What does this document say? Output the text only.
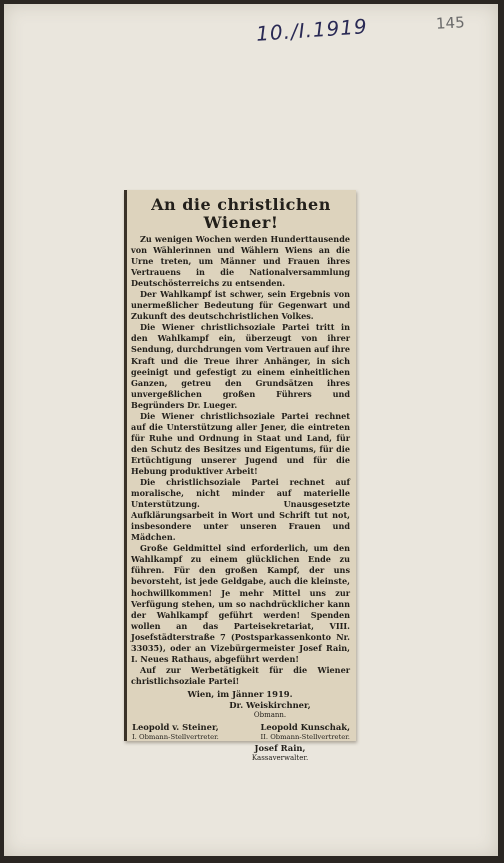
10./I.1919	145
An die christlichen Wiener!

Zu wenigen Wochen werden Hunderttausende von Wählerinnen und Wählern Wiens an die Urne treten, um Männer und Frauen ihres Vertrauens in die Nationalversammlung Deutschösterreichs zu entsenden.

Der Wahlkampf ist schwer, sein Ergebnis von unermeßlicher Bedeutung für Gegenwart und Zukunft des deutschchristlichen Volkes.

Die Wiener christlichsoziale Partei tritt in den Wahlkampf ein, überzeugt von ihrer Sendung, durchdrungen vom Vertrauen auf ihre Kraft und die Treue ihrer Anhänger, in sich geeinigt und gefestigt zu einem einheitlichen Ganzen, getreu den Grundsätzen ihres unvergeßlichen großen Führers und Begründers Dr. Lueger.

Die Wiener christlichsoziale Partei rechnet auf die Unterstützung aller Jener, die eintreten für Ruhe und Ordnung in Staat und Land, für den Schutz des Besitzes und Eigentums, für die Ertüchtigung unserer Jugend und für die Hebung produktiver Arbeit!

Die christlichsoziale Partei rechnet auf moralische, nicht minder auf materielle Unterstützung. Unausgesetzte Aufklärungsarbeit in Wort und Schrift tut not, insbesondere unter unseren Frauen und Mädchen.

Große Geldmittel sind erforderlich, um den Wahlkampf zu einem glücklichen Ende zu führen. Für den großen Kampf, der uns bevorsteht, ist jede Geldgabe, auch die kleinste, hochwillkommen! Je mehr Mittel uns zur Verfügung stehen, um so nachdrücklicher kann der Wahlkampf geführt werden! Spenden wollen an das Parteisekretariat, VIII. Josefstädterstraße 7 (Postsparkassenkonto Nr. 33035), oder an Vizebürgermeister Josef Rain, I. Neues Rathaus, abgeführt werden!

Auf zur Werbetätigkeit für die Wiener christlichsoziale Partei!

Wien, im Jänner 1919.
Dr. Weiskirchner,
Obmann.
Leopold v. Steiner,
I. Obmann-Stellvertreter.
Leopold Kunschak,
II. Obmann-Stellvertreter.
Josef Rain,
Kassaverwalter.
